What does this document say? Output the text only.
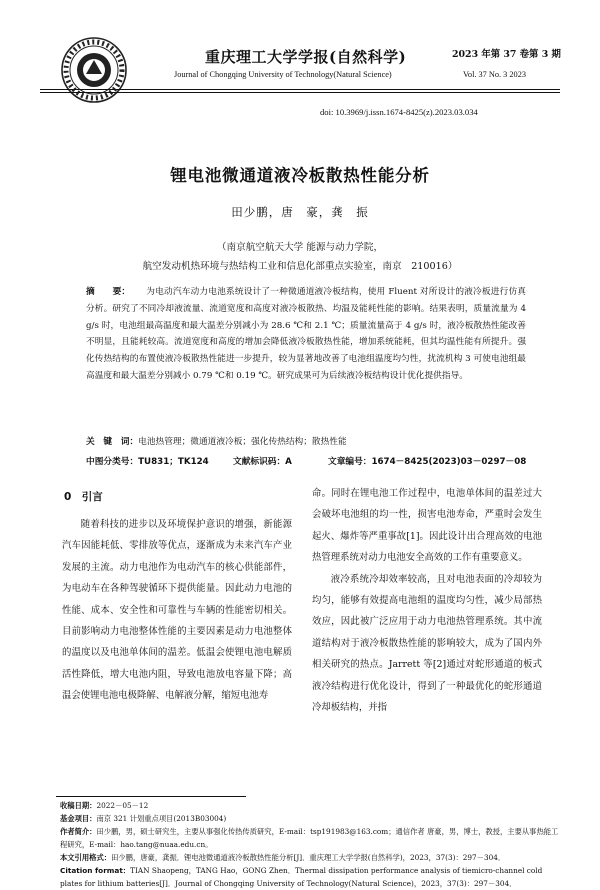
重庆理工大学学报(自然科学)
Journal of Chongqing University of Technology(Natural Science)
2023 年第 37 卷第 3 期
Vol. 37 No. 3 2023
doi: 10.3969/j.issn.1674-8425(z).2023.03.034
锂电池微通道液冷板散热性能分析
田少鹏，唐　豪，龚　振
（南京航空航天大学 能源与动力学院，
航空发动机热环境与热结构工业和信息化部重点实验室，南京　210016）
摘　　要： 为电动汽车动力电池系统设计了一种微通道液冷板结构，使用 Fluent 对所设计的液冷板进行仿真分析。研究了不同冷却液流量、流道宽度和高度对液冷板散热、均温及能耗性能的影响。结果表明，质量流量为 4 g/s 时，电池组最高温度和最大温差分别减小为 28.6 ℃和 2.1 ℃；质量流量高于 4 g/s 时，液冷板散热性能改善不明显，且能耗较高。流道宽度和高度的增加会降低液冷板散热性能，增加系统能耗，但其均温性能有所提升。强化传热结构的布置使液冷板散热性能进一步提升，较为显著地改善了电池组温度均匀性，扰流机构 3 可使电池组最高温度和最大温差分别减小 0.79 ℃和 0.19 ℃。研究成果可为后续液冷板结构设计优化提供指导。
关　键　词：电池热管理；微通道液冷板；强化传热结构；散热性能
中图分类号：TU831；TK124	文献标识码：A	文章编号：1674－8425(2023)03－0297－08
0　引言

随着科技的进步以及环境保护意识的增强，新能源汽车因能耗低、零排放等优点，逐渐成为未来汽车产业发展的主流。动力电池作为电动汽车的核心供能部件，为电动车在各种驾驶循环下提供能量。因此动力电池的性能、成本、安全性和可靠性与车辆的性能密切相关。目前影响动力电池整体性能的主要因素是动力电池整体的温度以及电池单体间的温差。低温会使锂电池电解质活性降低，增大电池内阻，导致电池放电容量下降；高温会使锂电池电极降解、电解液分解，缩短电池寿

命。同时在锂电池工作过程中，电池单体间的温差过大会破坏电池组的均一性，损害电池寿命，严重时会发生起火、爆炸等严重事故[1]。因此设计出合理高效的电池热管理系统对动力电池安全高效的工作有重要意义。

液冷系统冷却效率较高，且对电池表面的冷却较为均匀，能够有效提高电池组的温度均匀性，减少局部热效应，因此被广泛应用于动力电池热管理系统。其中流道结构对于液冷板散热性能的影响较大，成为了国内外相关研究的热点。Jarrett 等[2]通过对蛇形通道的板式液冷结构进行优化设计，得到了一种最优化的蛇形通道冷却板结构，并指

收稿日期：2022－05－12
基金项目：南京 321 计划重点项目(2013B03004)
作者简介：田少鹏，男，硕士研究生，主要从事强化传热传质研究，E-mail：tsp191983@163.com；通信作者 唐豪，男，博士，教授，主要从事热能工程研究，E-mail：hao.tang@nuaa.edu.cn。
本文引用格式：田少鹏，唐豪，龚振．锂电池微通道液冷板散热性能分析[J]．重庆理工大学学报(自然科学)，2023，37(3)：297－304．
Citation format：TIAN Shaopeng，TANG Hao，GONG Zhen．Thermal dissipation performance analysis of tiemicro-channel cold plates for lithium batteries[J]．Journal of Chongqing University of Technology(Natural Science)，2023，37(3)：297－304．
